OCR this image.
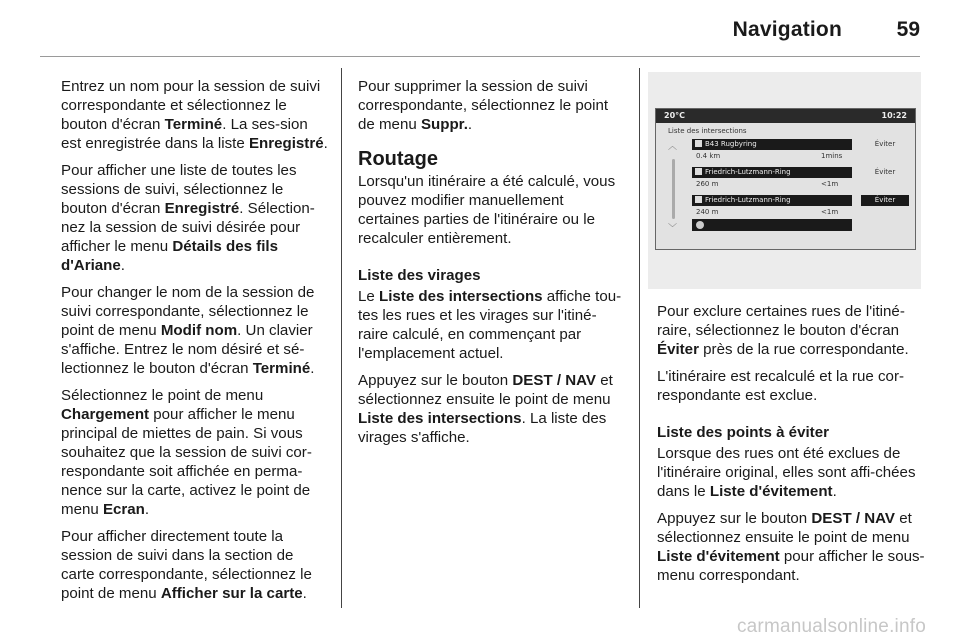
Navigation	59

Entrez un nom pour la session de suivi correspondante et sélectionnez le bouton d'écran Terminé. La ses-sion est enregistrée dans la liste Enregistré.

Pour afficher une liste de toutes les sessions de suivi, sélectionnez le bouton d'écran Enregistré. Sélection-nez la session de suivi désirée pour afficher le menu Détails des fils d'Ariane.

Pour changer le nom de la session de suivi correspondante, sélectionnez le point de menu Modif nom. Un clavier s'affiche. Entrez le nom désiré et sé-lectionnez le bouton d'écran Terminé.

Sélectionnez le point de menu Chargement pour afficher le menu principal de miettes de pain. Si vous souhaitez que la session de suivi cor-respondante soit affichée en perma-nence sur la carte, activez le point de menu Ecran.

Pour afficher directement toute la session de suivi dans la section de carte correspondante, sélectionnez le point de menu Afficher sur la carte.

Pour supprimer la session de suivi correspondante, sélectionnez le point de menu Suppr..

Routage

Lorsqu'un itinéraire a été calculé, vous pouvez modifier manuellement certaines parties de l'itinéraire ou le recalculer entièrement.

Liste des virages

Le Liste des intersections affiche tou-tes les rues et les virages sur l'itiné-raire calculé, en commençant par l'emplacement actuel.

Appuyez sur le bouton DEST / NAV et sélectionnez ensuite le point de menu Liste des intersections. La liste des virages s'affiche.

20°C	10:22
Liste des intersections
︿
﹀
B43 Rugbyring
0.4 km	1mins
Éviter
Friedrich-Lutzmann-Ring
260 m	<1m
Éviter
Friedrich-Lutzmann-Ring
240 m	<1m
Éviter

Pour exclure certaines rues de l'itiné-raire, sélectionnez le bouton d'écran Éviter près de la rue correspondante.

L'itinéraire est recalculé et la rue cor-respondante est exclue.

Liste des points à éviter

Lorsque des rues ont été exclues de l'itinéraire original, elles sont affi-chées dans le Liste d'évitement.

Appuyez sur le bouton DEST / NAV et sélectionnez ensuite le point de menu Liste d'évitement pour afficher le sous-menu correspondant.

carmanualsonline.info
